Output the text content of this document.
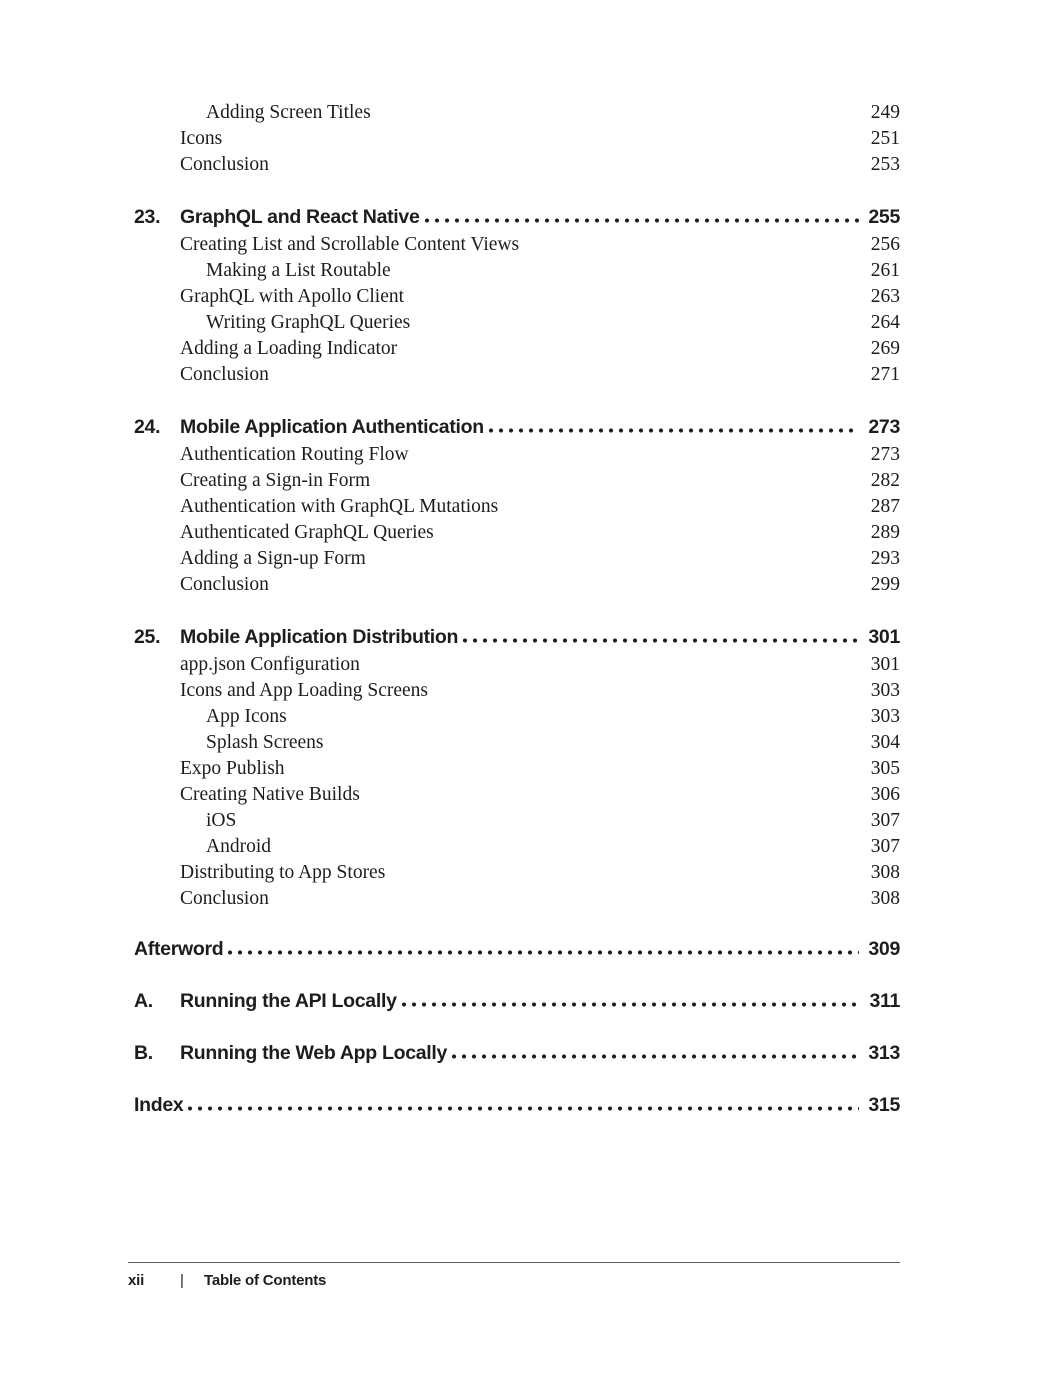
Adding Screen Titles	249
Icons	251
Conclusion	253
23.	GraphQL and React Native	255
Creating List and Scrollable Content Views	256
Making a List Routable	261
GraphQL with Apollo Client	263
Writing GraphQL Queries	264
Adding a Loading Indicator	269
Conclusion	271
24.	Mobile Application Authentication	273
Authentication Routing Flow	273
Creating a Sign-in Form	282
Authentication with GraphQL Mutations	287
Authenticated GraphQL Queries	289
Adding a Sign-up Form	293
Conclusion	299
25.	Mobile Application Distribution	301
app.json Configuration	301
Icons and App Loading Screens	303
App Icons	303
Splash Screens	304
Expo Publish	305
Creating Native Builds	306
iOS	307
Android	307
Distributing to App Stores	308
Conclusion	308
Afterword	309
A.	Running the API Locally	311
B.	Running the Web App Locally	313
Index	315
xii	|	Table of Contents
